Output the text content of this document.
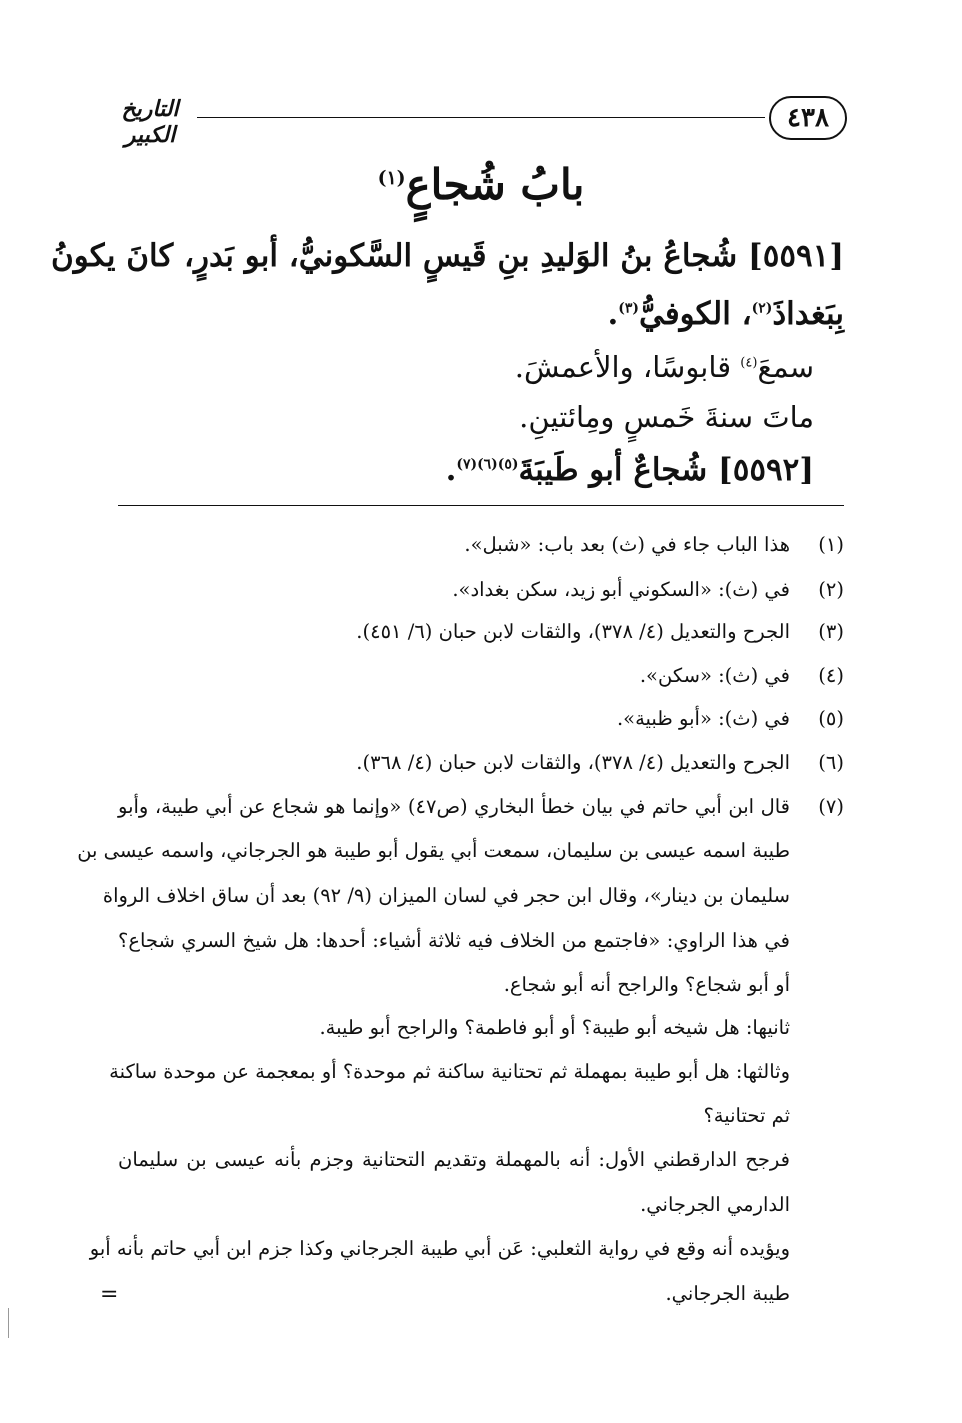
٤٣٨
التاريخ الكبير
بابُ شُجاعٍ$^{(١)}$
[٥٥٩١] شُجاعُ بنُ الوَليدِ بنِ قَيسٍ السَّكونيُّ، أبو بَدرٍ، كانَ يكونُ
بِبَغداذَ$^{(٢)}$، الكوفيُّ$^{(٣)}$.
سمعَ$^{(٤)}$ قابوسًا، والأعمشَ.
ماتَ سنةَ خَمسٍ ومِائتينِ.
[٥٥٩٢] شُجاعٌ أبو طَيبَةَ$^{(٥)(٦)(٧)}$.
(١)
هذا الباب جاء في (ث) بعد باب: «شبل».
(٢)
في (ث): «السكوني أبو زيد، سكن بغداد».
(٣)
الجرح والتعديل (٤/ ٣٧٨)، والثقات لابن حبان (٦/ ٤٥١).
(٤)
في (ث): «سكن».
(٥)
في (ث): «أبو ظبية».
(٦)
الجرح والتعديل (٤/ ٣٧٨)، والثقات لابن حبان (٤/ ٣٦٨).
(٧)
قال ابن أبي حاتم في بيان خطأ البخاري (ص٤٧) «وإنما هو شجاع عن أبي طيبة، وأبو
طيبة اسمه عيسى بن سليمان، سمعت أبي يقول أبو طيبة هو الجرجاني، واسمه عيسى بن
سليمان بن دينار»، وقال ابن حجر في لسان الميزان (٩/ ٩٢) بعد أن ساق اخلاف الرواة
في هذا الراوي: «فاجتمع من الخلاف فيه ثلاثة أشياء: أحدها: هل شيخ السري شجاع؟
أو أبو شجاع؟ والراجح أنه أبو شجاع.
ثانيها: هل شيخه أبو طيبة؟ أو أبو فاطمة؟ والراجح أبو طيبة.
وثالثها: هل أبو طيبة بمهملة ثم تحتانية ساكنة ثم موحدة؟ أو بمعجمة عن موحدة ساكنة
ثم تحتانية؟
فرجح الدارقطني الأول: أنه بالمهملة وتقديم التحتانية وجزم بأنه عيسى بن سليمان
الدارمي الجرجاني.
ويؤيده أنه وقع في رواية الثعلبي: عَن أبي طيبة الجرجاني وكذا جزم ابن أبي حاتم بأنه أبو
طيبة الجرجاني.
=
